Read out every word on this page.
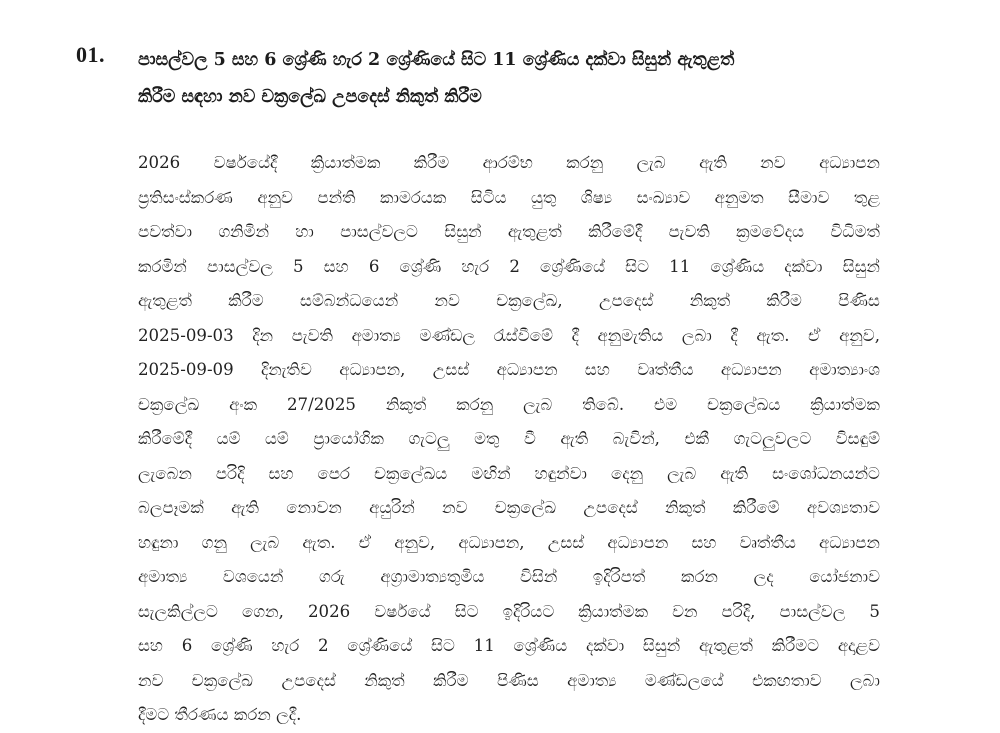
01. පාසල්වල 5 සහ 6 ශ්‍රේණි හැර 2 ශ්‍රේණියේ සිට 11 ශ්‍රේණිය දක්වා සිසුන් ඇතුළත්
කිරීම සඳහා නව චක්‍රලේඛ උපදෙස් නිකුත් කිරීම
2026 වර්ෂයේදී ක්‍රියාත්මක කිරීම ආරම්භ කරනු ලැබ ඇති නව අධ්‍යාපන
ප්‍රතිසංස්කරණ අනුව පන්ති කාමරයක සිටිය යුතු ශිෂ්‍ය සංඛ්‍යාව අනුමත සීමාව තුළ
පවත්වා ගනිමින් හා පාසල්වලට සිසුන් ඇතුළත් කිරීමේදී පැවති ක්‍රමවේදය විධිමත්
කරමින් පාසල්වල 5 සහ 6 ශ්‍රේණි හැර 2 ශ්‍රේණියේ සිට 11 ශ්‍රේණිය දක්වා සිසුන්
ඇතුළත් කිරීම සම්බන්ධයෙන් නව චක්‍රලේඛ, උපදෙස් නිකුත් කිරීම පිණිස
2025-09-03 දින පැවති අමාත්‍ය මණ්ඩල රැස්වීමේ දී අනුමැතිය ලබා දී ඇත. ඒ අනුව,
2025-09-09 දිනැතිව අධ්‍යාපන, උසස් අධ්‍යාපන සහ වෘත්තීය අධ්‍යාපන අමාත්‍යාංශ
චක්‍රලේඛ අංක 27/2025 නිකුත් කරනු ලැබ තිබේ. එම චක්‍රලේඛය ක්‍රියාත්මක
කිරීමේදී යම් යම් ප්‍රායෝගික ගැටලු මතු වී ඇති බැවින්, එකී ගැටලුවලට විසඳුම්
ලැබෙන පරිදි සහ පෙර චක්‍රලේඛය මඟින් හඳුන්වා දෙනු ලැබ ඇති සංශෝධනයන්ට
බලපෑමක් ඇති නොවන අයුරින් නව චක්‍රලේඛ උපදෙස් නිකුත් කිරීමේ අවශ්‍යතාව
හඳුනා ගනු ලැබ ඇත. ඒ අනුව, අධ්‍යාපන, උසස් අධ්‍යාපන සහ වෘත්තීය අධ්‍යාපන
අමාත්‍ය වශයෙන් ගරු අග්‍රාමාත්‍යතුමිය විසින් ඉදිරිපත් කරන ලද යෝජනාව
සැලකිල්ලට ගෙන, 2026 වර්ෂයේ සිට ඉදිරියට ක්‍රියාත්මක වන පරිදි, පාසල්වල 5
සහ 6 ශ්‍රේණි හැර 2 ශ්‍රේණියේ සිට 11 ශ්‍රේණිය දක්වා සිසුන් ඇතුළත් කිරීමට අදාළව
නව චක්‍රලේඛ උපදෙස් නිකුත් කිරීම පිණිස අමාත්‍ය මණ්ඩලයේ එකඟතාව ලබා
දීමට තීරණය කරන ලදී.
